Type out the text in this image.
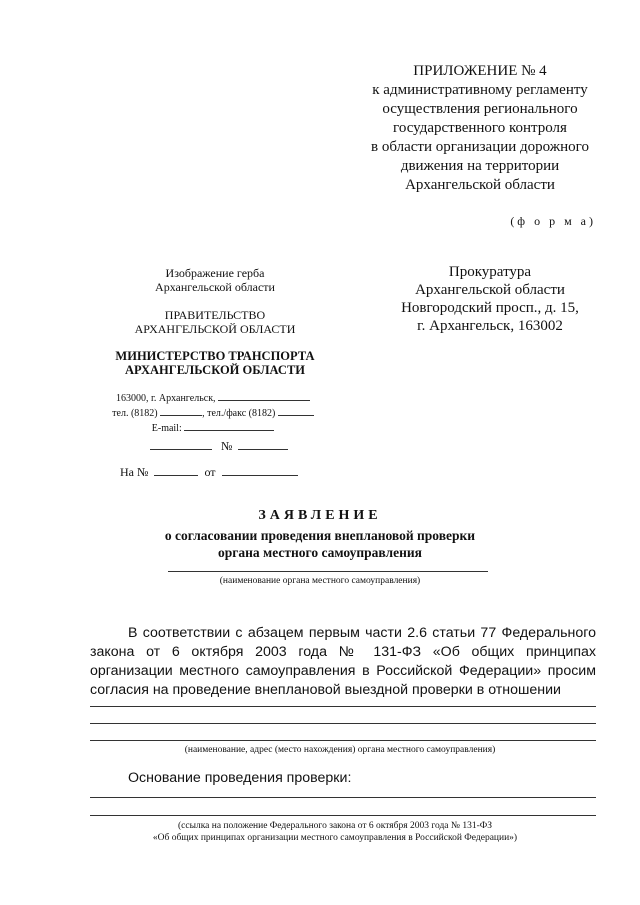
ПРИЛОЖЕНИЕ № 4
к административному регламенту
осуществления регионального
государственного контроля
в области организации дорожного
движения на территории
Архангельской области
(ф о р м а)
Изображение герба
Архангельской области
ПРАВИТЕЛЬСТВО
АРХАНГЕЛЬСКОЙ ОБЛАСТИ
МИНИСТЕРСТВО ТРАНСПОРТА
АРХАНГЕЛЬСКОЙ ОБЛАСТИ
163000, г. Архангельск,
тел. (8182)	, тел./факс (8182)
E-mail:
№
На №	от
Прокуратура
Архангельской области
Новгородский просп., д. 15,
г. Архангельск, 163002
ЗАЯВЛЕНИЕ
о согласовании проведения внеплановой проверки
органа местного самоуправления
(наименование органа местного самоуправления)
В соответствии с абзацем первым части 2.6 статьи 77 Федерального закона от 6 октября 2003 года № 131-ФЗ «Об общих принципах организации местного самоуправления в Российской Федерации» просим согласия на проведение внеплановой выездной проверки в отношении
(наименование, адрес (место нахождения) органа местного самоуправления)
Основание проведения проверки:
(ссылка на положение Федерального закона от 6 октября 2003 года № 131-ФЗ
«Об общих принципах организации местного самоуправления в Российской Федерации»)
